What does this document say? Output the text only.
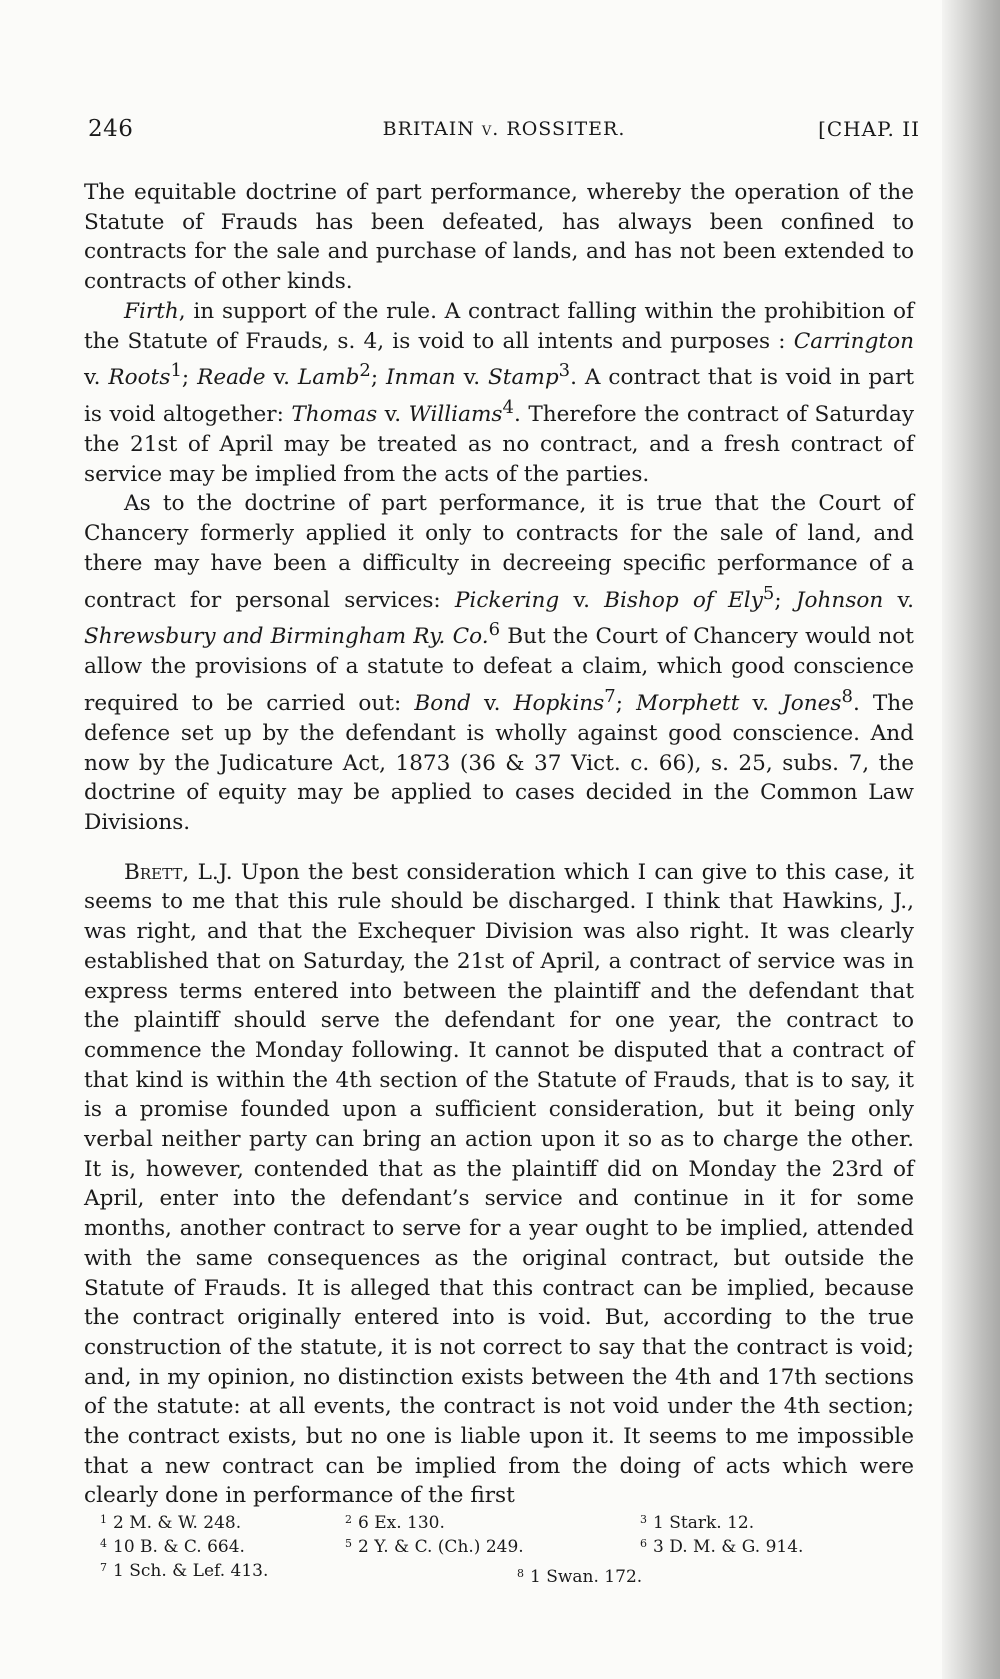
246	BRITAIN v. ROSSITER.	[CHAP. II

The equitable doctrine of part performance, whereby the operation of the Statute of Frauds has been defeated, has always been confined to contracts for the sale and purchase of lands, and has not been extended to contracts of other kinds.

Firth, in support of the rule. A contract falling within the prohibition of the Statute of Frauds, s. 4, is void to all intents and purposes : Carrington v. Roots$^1$; Reade v. Lamb$^2$; Inman v. Stamp$^3$. A contract that is void in part is void altogether: Thomas v. Williams$^4$. Therefore the contract of Saturday the 21st of April may be treated as no contract, and a fresh contract of service may be implied from the acts of the parties.

As to the doctrine of part performance, it is true that the Court of Chancery formerly applied it only to contracts for the sale of land, and there may have been a difficulty in decreeing specific performance of a contract for personal services: Pickering v. Bishop of Ely$^5$; Johnson v. Shrewsbury and Birmingham Ry. Co.$^6$ But the Court of Chancery would not allow the provisions of a statute to defeat a claim, which good conscience required to be carried out: Bond v. Hopkins$^7$; Morphett v. Jones$^8$. The defence set up by the defendant is wholly against good conscience. And now by the Judicature Act, 1873 (36 & 37 Vict. c. 66), s. 25, subs. 7, the doctrine of equity may be applied to cases decided in the Common Law Divisions.

Brett, L.J. Upon the best consideration which I can give to this case, it seems to me that this rule should be discharged. I think that Hawkins, J., was right, and that the Exchequer Division was also right. It was clearly established that on Saturday, the 21st of April, a contract of service was in express terms entered into between the plaintiff and the defendant that the plaintiff should serve the defendant for one year, the contract to commence the Monday following. It cannot be disputed that a contract of that kind is within the 4th section of the Statute of Frauds, that is to say, it is a promise founded upon a sufficient consideration, but it being only verbal neither party can bring an action upon it so as to charge the other. It is, however, contended that as the plaintiff did on Monday the 23rd of April, enter into the defendant’s service and continue in it for some months, another contract to serve for a year ought to be implied, attended with the same consequences as the original contract, but outside the Statute of Frauds. It is alleged that this contract can be implied, because the contract originally entered into is void. But, according to the true construction of the statute, it is not correct to say that the contract is void; and, in my opinion, no distinction exists between the 4th and 17th sections of the statute: at all events, the contract is not void under the 4th section; the contract exists, but no one is liable upon it. It seems to me impossible that a new contract can be implied from the doing of acts which were clearly done in performance of the first

$^1$ 2 M. & W. 248.	$^2$ 6 Ex. 130.	$^3$ 1 Stark. 12.
$^4$ 10 B. & C. 664.	$^5$ 2 Y. & C. (Ch.) 249.	$^6$ 3 D. M. & G. 914.
$^7$ 1 Sch. & Lef. 413.	$^8$ 1 Swan. 172.
